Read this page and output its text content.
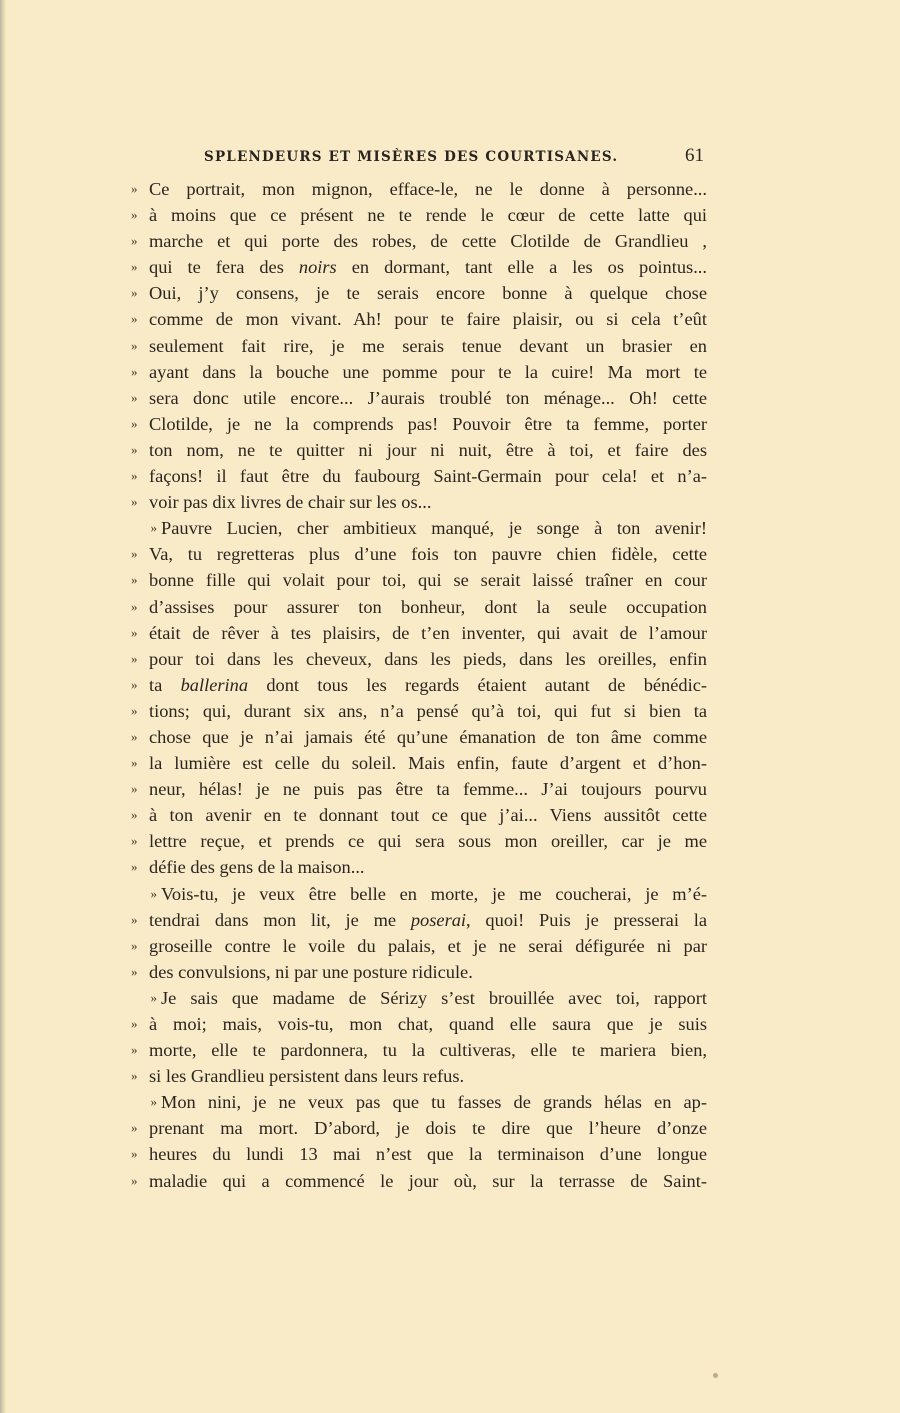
SPLENDEURS ET MISÈRES DES COURTISANES.	61
» Ce portrait, mon mignon, efface-le, ne le donne à personne...
» à moins que ce présent ne te rende le cœur de cette latte qui
» marche et qui porte des robes, de cette Clotilde de Grandlieu ,
» qui te fera des noirs en dormant, tant elle a les os pointus...
» Oui, j’y consens, je te serais encore bonne à quelque chose
» comme de mon vivant. Ah! pour te faire plaisir, ou si cela t’eût
» seulement fait rire, je me serais tenue devant un brasier en
» ayant dans la bouche une pomme pour te la cuire! Ma mort te
» sera donc utile encore... J’aurais troublé ton ménage... Oh! cette
» Clotilde, je ne la comprends pas! Pouvoir être ta femme, porter
» ton nom, ne te quitter ni jour ni nuit, être à toi, et faire des
» façons! il faut être du faubourg Saint-Germain pour cela! et n’a-
» voir pas dix livres de chair sur les os...
» Pauvre Lucien, cher ambitieux manqué, je songe à ton avenir!
» Va, tu regretteras plus d’une fois ton pauvre chien fidèle, cette
» bonne fille qui volait pour toi, qui se serait laissé traîner en cour
» d’assises pour assurer ton bonheur, dont la seule occupation
» était de rêver à tes plaisirs, de t’en inventer, qui avait de l’amour
» pour toi dans les cheveux, dans les pieds, dans les oreilles, enfin
» ta ballerina dont tous les regards étaient autant de bénédic-
» tions; qui, durant six ans, n’a pensé qu’à toi, qui fut si bien ta
» chose que je n’ai jamais été qu’une émanation de ton âme comme
» la lumière est celle du soleil. Mais enfin, faute d’argent et d’hon-
» neur, hélas! je ne puis pas être ta femme... J’ai toujours pourvu
» à ton avenir en te donnant tout ce que j’ai... Viens aussitôt cette
» lettre reçue, et prends ce qui sera sous mon oreiller, car je me
» défie des gens de la maison...
» Vois-tu, je veux être belle en morte, je me coucherai, je m’é-
» tendrai dans mon lit, je me poserai, quoi! Puis je presserai la
» groseille contre le voile du palais, et je ne serai défigurée ni par
» des convulsions, ni par une posture ridicule.
» Je sais que madame de Sérizy s’est brouillée avec toi, rapport
» à moi; mais, vois-tu, mon chat, quand elle saura que je suis
» morte, elle te pardonnera, tu la cultiveras, elle te mariera bien,
» si les Grandlieu persistent dans leurs refus.
» Mon nini, je ne veux pas que tu fasses de grands hélas en ap-
» prenant ma mort. D’abord, je dois te dire que l’heure d’onze
» heures du lundi 13 mai n’est que la terminaison d’une longue
» maladie qui a commencé le jour où, sur la terrasse de Saint-
